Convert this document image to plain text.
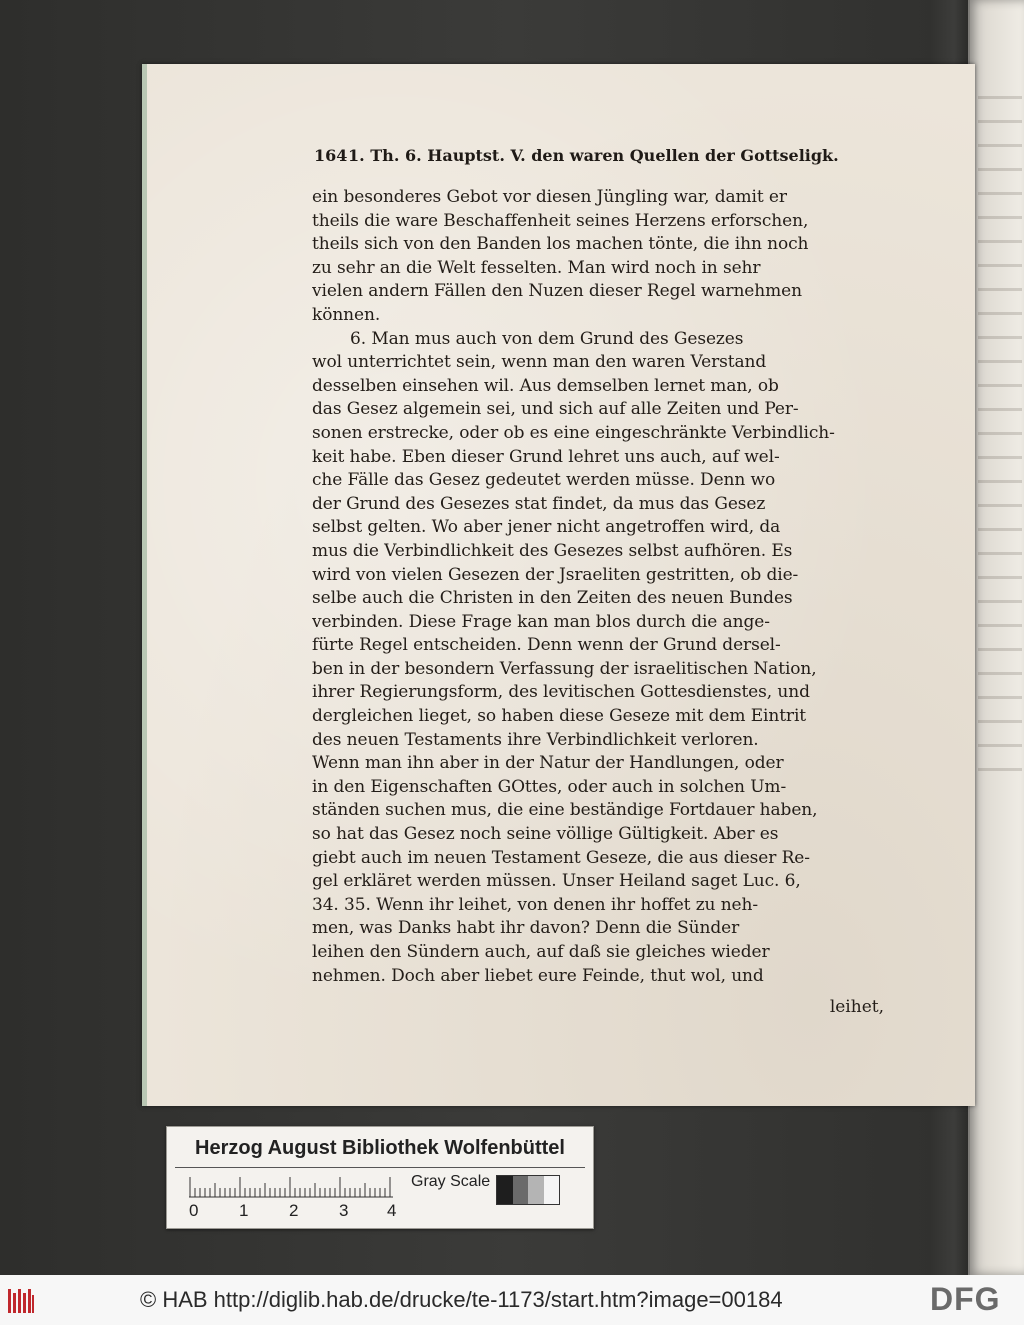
164 1. Th. 6. Hauptst. V. den waren Quellen der Gottseligk.
ein besonderes Gebot vor diesen Jüngling war, damit er
theils die ware Beschaffenheit seines Herzens erforschen,
theils sich von den Banden los machen tönte, die ihn noch
zu sehr an die Welt fesselten. Man wird noch in sehr
vielen andern Fällen den Nuzen dieser Regel warnehmen
können.
6. Man mus auch von dem Grund des Gesezes
wol unterrichtet sein, wenn man den waren Verstand
desselben einsehen wil. Aus demselben lernet man, ob
das Gesez algemein sei, und sich auf alle Zeiten und Per-
sonen erstrecke, oder ob es eine eingeschränkte Verbindlich-
keit habe. Eben dieser Grund lehret uns auch, auf wel-
che Fälle das Gesez gedeutet werden müsse. Denn wo
der Grund des Gesezes stat findet, da mus das Gesez
selbst gelten. Wo aber jener nicht angetroffen wird, da
mus die Verbindlichkeit des Gesezes selbst aufhören. Es
wird von vielen Gesezen der Jsraeliten gestritten, ob die-
selbe auch die Christen in den Zeiten des neuen Bundes
verbinden. Diese Frage kan man blos durch die ange-
fürte Regel entscheiden. Denn wenn der Grund dersel-
ben in der besondern Verfassung der israelitischen Nation,
ihrer Regierungsform, des levitischen Gottesdienstes, und
dergleichen lieget, so haben diese Geseze mit dem Eintrit
des neuen Testaments ihre Verbindlichkeit verloren.
Wenn man ihn aber in der Natur der Handlungen, oder
in den Eigenschaften GOttes, oder auch in solchen Um-
ständen suchen mus, die eine beständige Fortdauer haben,
so hat das Gesez noch seine völlige Gültigkeit. Aber es
giebt auch im neuen Testament Geseze, die aus dieser Re-
gel erkläret werden müssen. Unser Heiland saget Luc. 6,
34. 35. Wenn ihr leihet, von denen ihr hoffet zu neh-
men, was Danks habt ihr davon? Denn die Sünder
leihen den Sündern auch, auf daß sie gleiches wieder
nehmen. Doch aber liebet eure Feinde, thut wol, und
leihet,
Herzog August Bibliothek Wolfenbüttel
0 1 2 3 4
Gray Scale
© HAB http://diglib.hab.de/drucke/te-1173/start.htm?image=00184	DFG
